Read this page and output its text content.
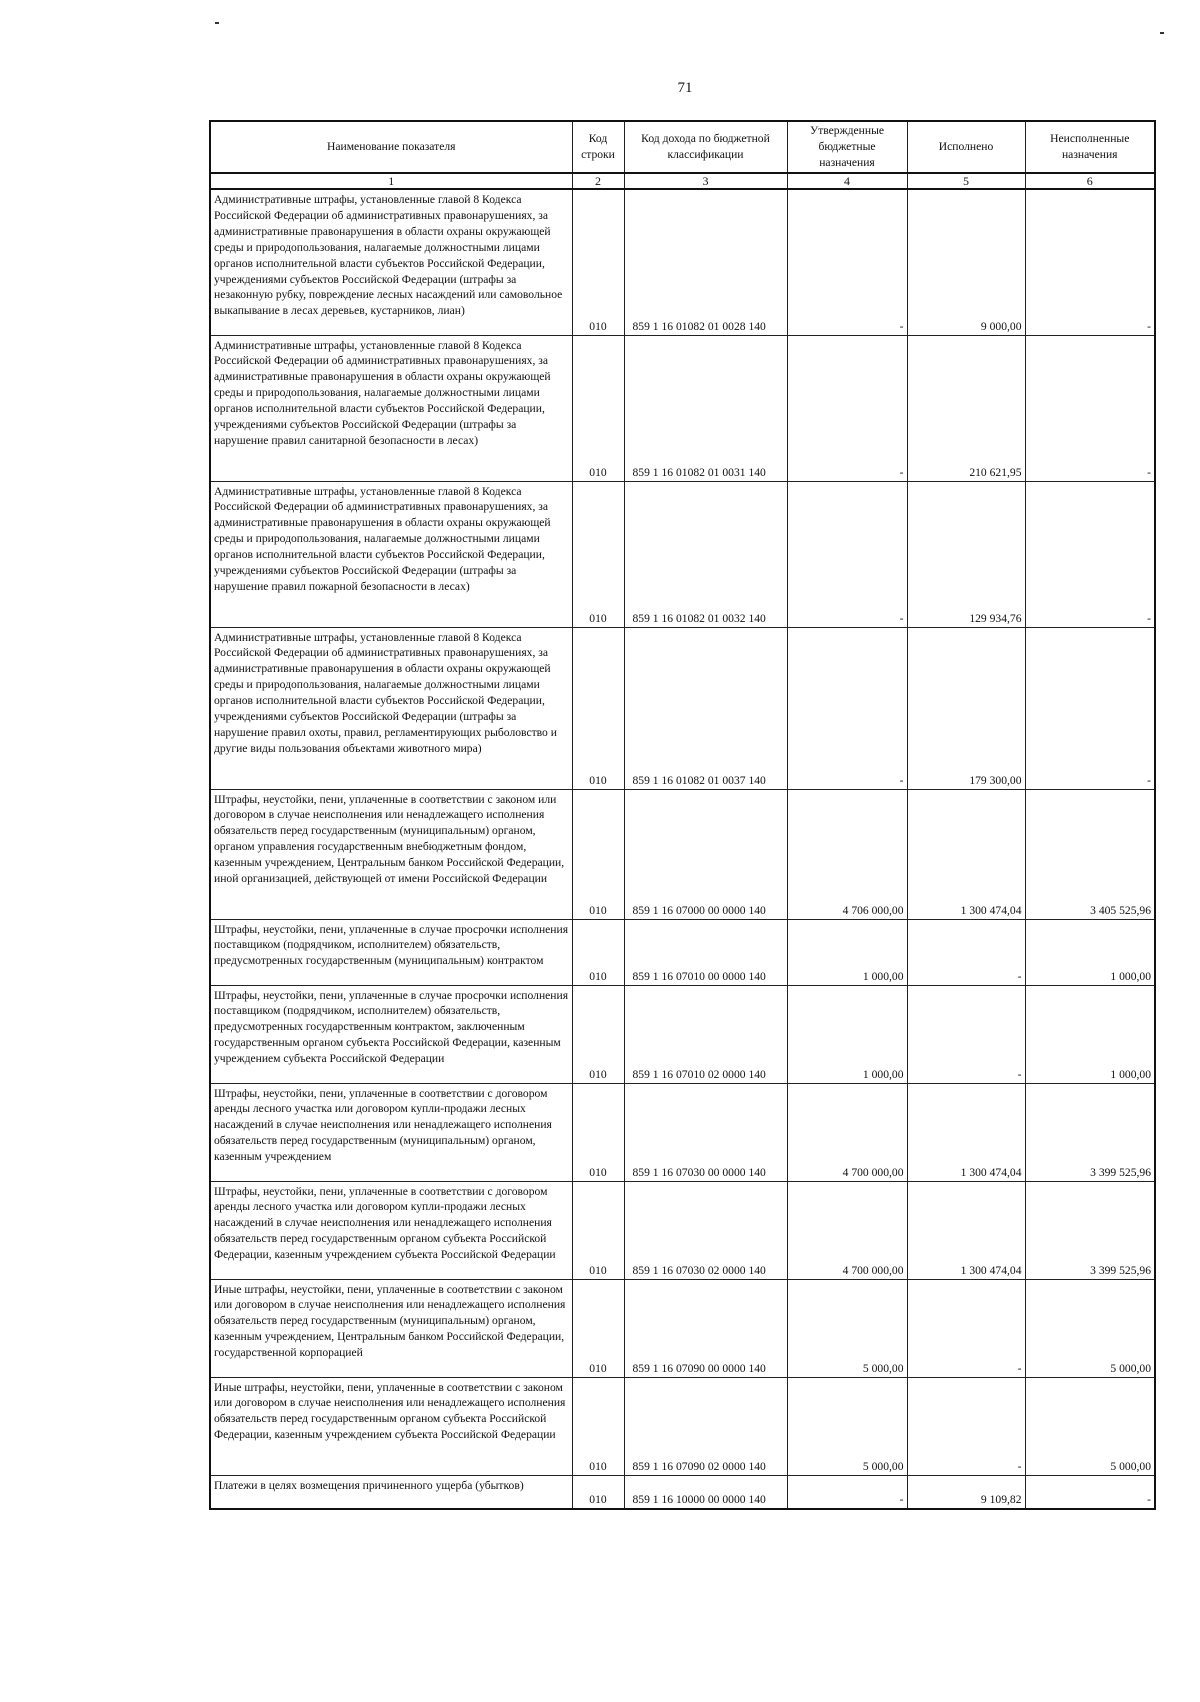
71
Наименование показателя	Код строки	Код дохода по бюджетной классификации	Утвержденные бюджетные назначения	Исполнено	Неисполненные назначения
1	2	3	4	5	6
Административные штрафы, установленные главой 8 Кодекса Российской Федерации об административных правонарушениях, за административные правонарушения в области охраны окружающей среды и природопользования, налагаемые должностными лицами органов исполнительной власти субъектов Российской Федерации, учреждениями субъектов Российской Федерации (штрафы за незаконную рубку, повреждение лесных насаждений или самовольное выкапывание в лесах деревьев, кустарников, лиан)	010	859 1 16 01082 01 0028 140	-	9 000,00	-
Административные штрафы, установленные главой 8 Кодекса Российской Федерации об административных правонарушениях, за административные правонарушения в области охраны окружающей среды и природопользования, налагаемые должностными лицами органов исполнительной власти субъектов Российской Федерации, учреждениями субъектов Российской Федерации (штрафы за нарушение правил санитарной безопасности в лесах)	010	859 1 16 01082 01 0031 140	-	210 621,95	-
Административные штрафы, установленные главой 8 Кодекса Российской Федерации об административных правонарушениях, за административные правонарушения в области охраны окружающей среды и природопользования, налагаемые должностными лицами органов исполнительной власти субъектов Российской Федерации, учреждениями субъектов Российской Федерации (штрафы за нарушение правил пожарной безопасности в лесах)	010	859 1 16 01082 01 0032 140	-	129 934,76	-
Административные штрафы, установленные главой 8 Кодекса Российской Федерации об административных правонарушениях, за административные правонарушения в области охраны окружающей среды и природопользования, налагаемые должностными лицами органов исполнительной власти субъектов Российской Федерации, учреждениями субъектов Российской Федерации (штрафы за нарушение правил охоты, правил, регламентирующих рыболовство и другие виды пользования объектами животного мира)	010	859 1 16 01082 01 0037 140	-	179 300,00	-
Штрафы, неустойки, пени, уплаченные в соответствии с законом или договором в случае неисполнения или ненадлежащего исполнения обязательств перед государственным (муниципальным) органом, органом управления государственным внебюджетным фондом, казенным учреждением, Центральным банком Российской Федерации, иной организацией, действующей от имени Российской Федерации	010	859 1 16 07000 00 0000 140	4 706 000,00	1 300 474,04	3 405 525,96
Штрафы, неустойки, пени, уплаченные в случае просрочки исполнения поставщиком (подрядчиком, исполнителем) обязательств, предусмотренных государственным (муниципальным) контрактом	010	859 1 16 07010 00 0000 140	1 000,00	-	1 000,00
Штрафы, неустойки, пени, уплаченные в случае просрочки исполнения поставщиком (подрядчиком, исполнителем) обязательств, предусмотренных государственным контрактом, заключенным государственным органом субъекта Российской Федерации, казенным учреждением субъекта Российской Федерации	010	859 1 16 07010 02 0000 140	1 000,00	-	1 000,00
Штрафы, неустойки, пени, уплаченные в соответствии с договором аренды лесного участка или договором купли-продажи лесных насаждений в случае неисполнения или ненадлежащего исполнения обязательств перед государственным (муниципальным) органом, казенным учреждением	010	859 1 16 07030 00 0000 140	4 700 000,00	1 300 474,04	3 399 525,96
Штрафы, неустойки, пени, уплаченные в соответствии с договором аренды лесного участка или договором купли-продажи лесных насаждений в случае неисполнения или ненадлежащего исполнения обязательств перед государственным органом субъекта Российской Федерации, казенным учреждением субъекта Российской Федерации	010	859 1 16 07030 02 0000 140	4 700 000,00	1 300 474,04	3 399 525,96
Иные штрафы, неустойки, пени, уплаченные в соответствии с законом или договором в случае неисполнения или ненадлежащего исполнения обязательств перед государственным (муниципальным) органом, казенным учреждением, Центральным банком Российской Федерации, государственной корпорацией	010	859 1 16 07090 00 0000 140	5 000,00	-	5 000,00
Иные штрафы, неустойки, пени, уплаченные в соответствии с законом или договором в случае неисполнения или ненадлежащего исполнения обязательств перед государственным органом субъекта Российской Федерации, казенным учреждением субъекта Российской Федерации	010	859 1 16 07090 02 0000 140	5 000,00	-	5 000,00
Платежи в целях возмещения причиненного ущерба (убытков)	010	859 1 16 10000 00 0000 140	-	9 109,82	-
